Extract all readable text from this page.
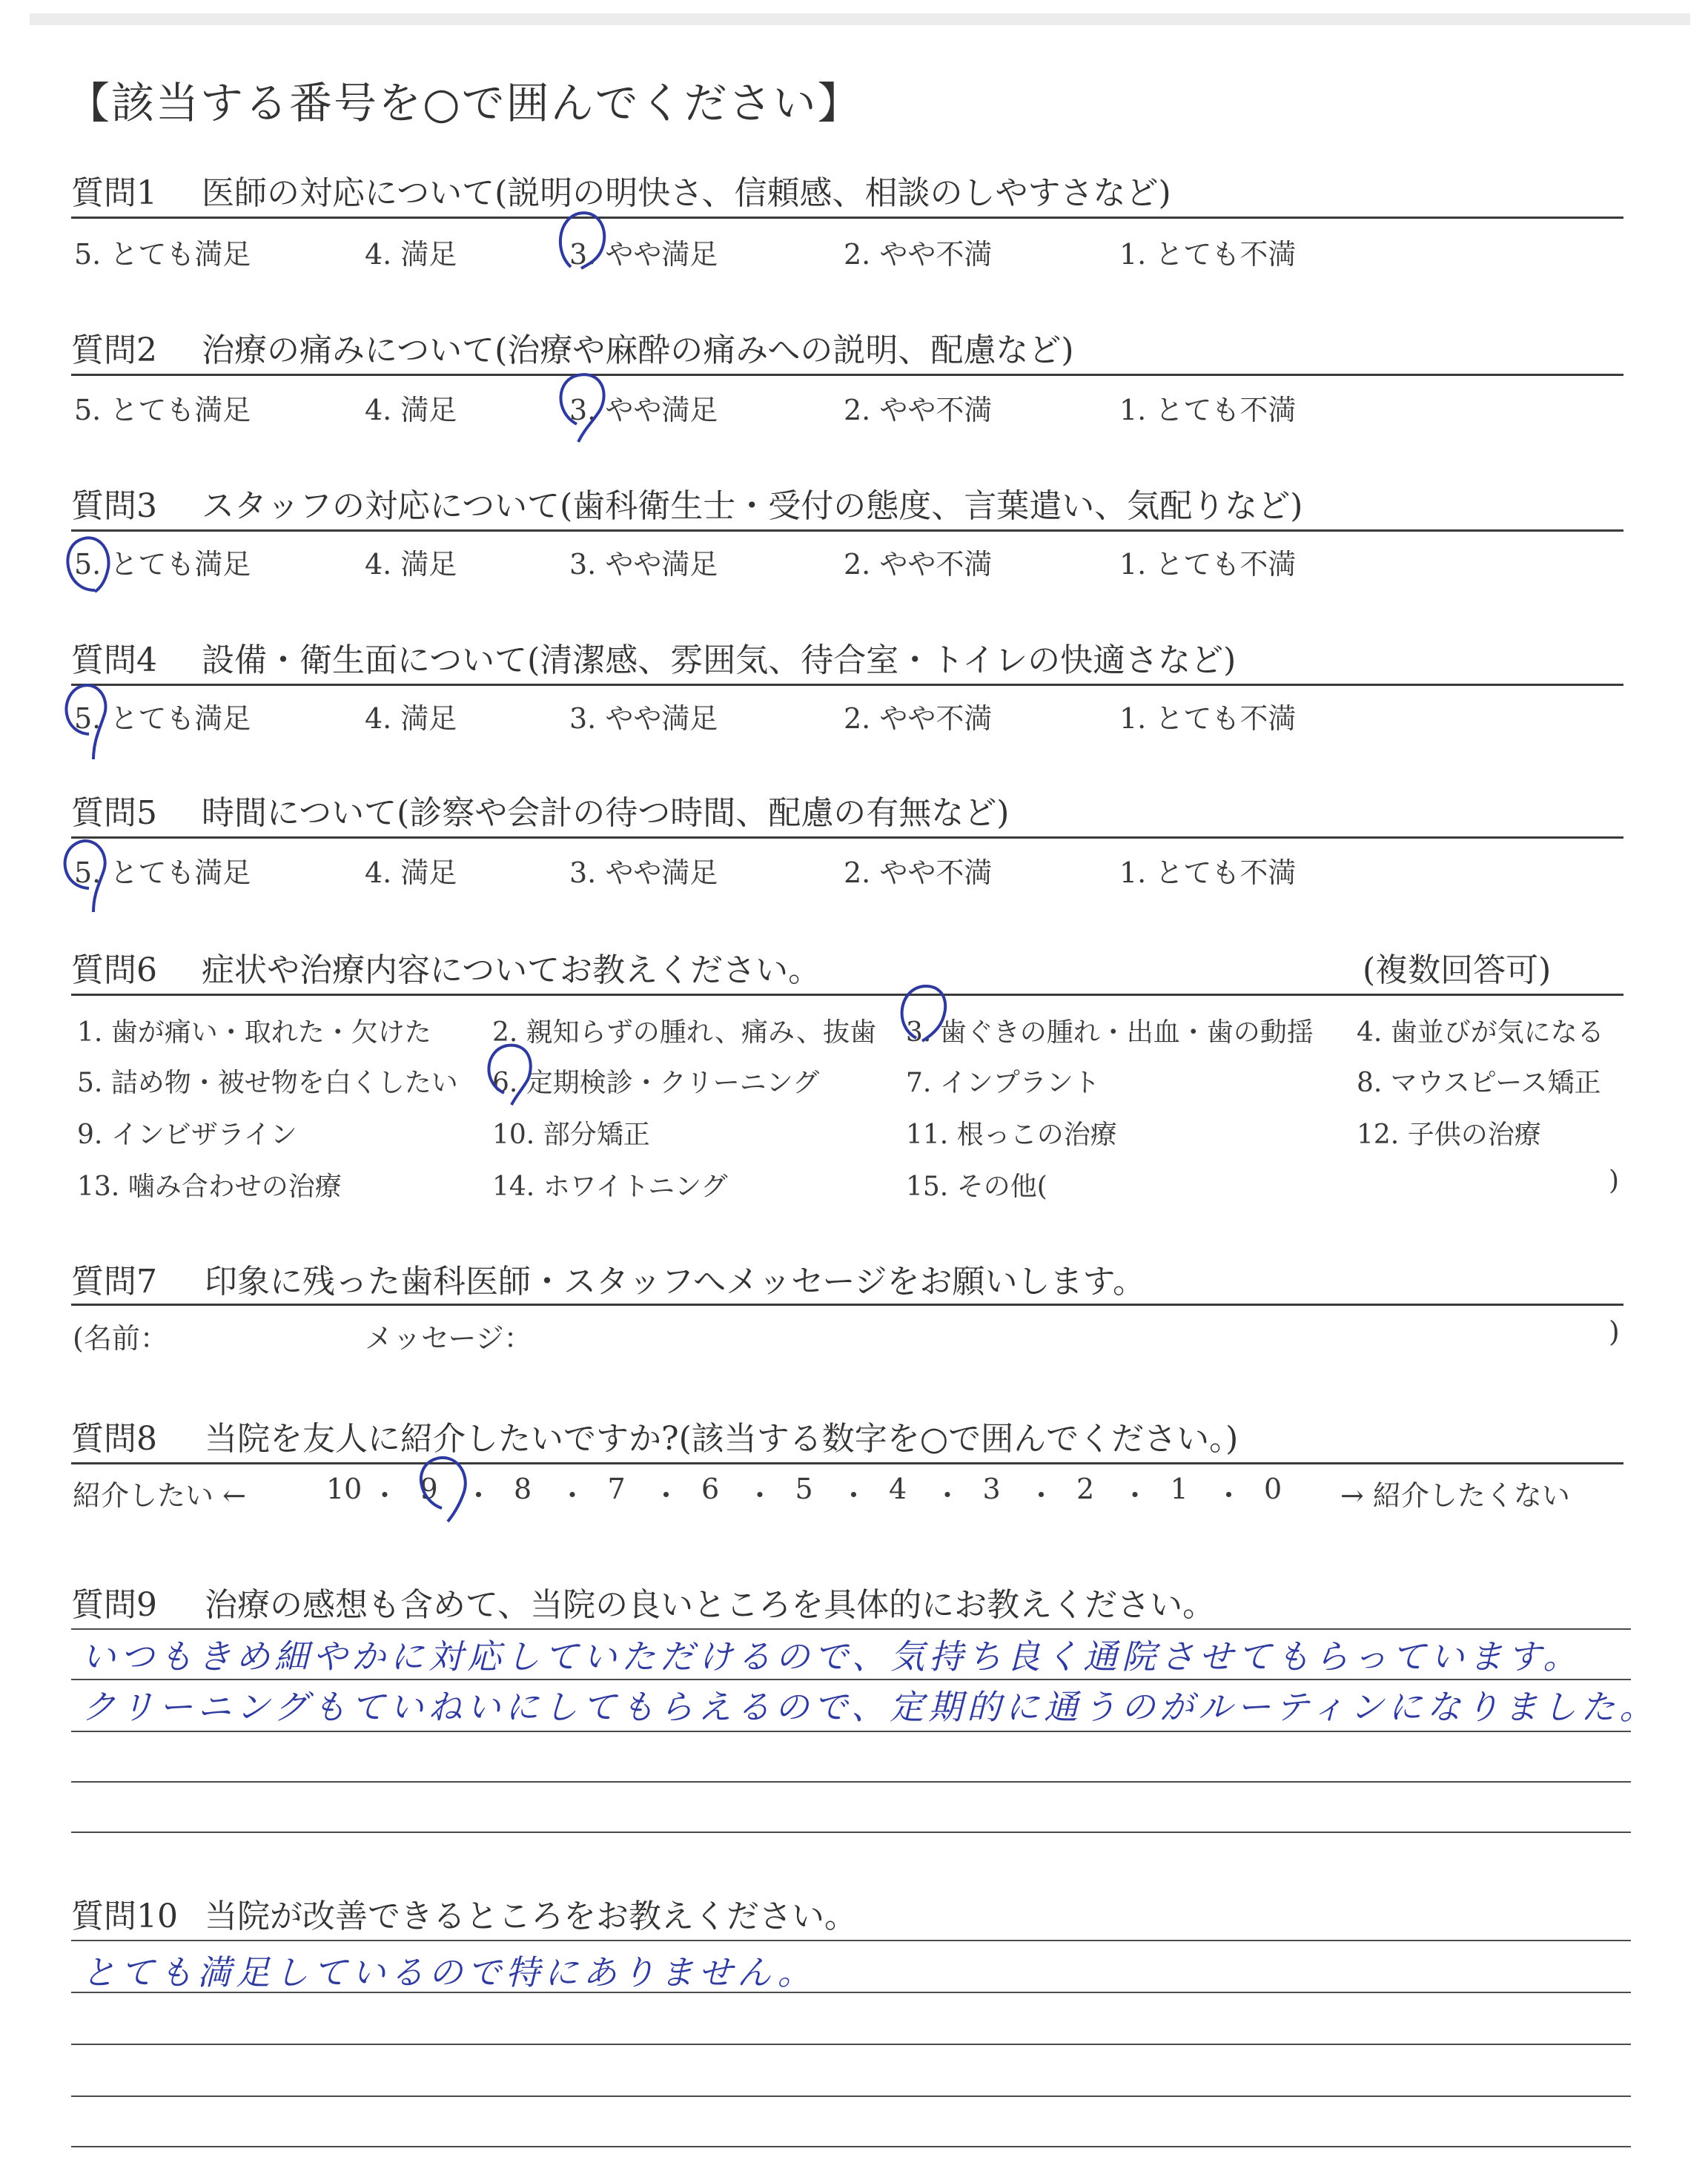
【該当する番号を○で囲んでください】
質問1 医師の対応について(説明の明快さ、信頼感、相談のしやすさなど)
5. とても満足	4. 満足	3. やや満足	2. やや不満	1. とても不満
質問2 治療の痛みについて(治療や麻酔の痛みへの説明、配慮など)
5. とても満足	4. 満足	3. やや満足	2. やや不満	1. とても不満
質問3 スタッフの対応について(歯科衛生士・受付の態度、言葉遣い、気配りなど)
5. とても満足	4. 満足	3. やや満足	2. やや不満	1. とても不満
質問4 設備・衛生面について(清潔感、雰囲気、待合室・トイレの快適さなど)
5. とても満足	4. 満足	3. やや満足	2. やや不満	1. とても不満
質問5 時間について(診察や会計の待つ時間、配慮の有無など)
5. とても満足	4. 満足	3. やや満足	2. やや不満	1. とても不満
質問6 症状や治療内容についてお教えください。	(複数回答可)
1. 歯が痛い・取れた・欠けた 2. 親知らずの腫れ、痛み、抜歯 3. 歯ぐきの腫れ・出血・歯の動揺 4. 歯並びが気になる
5. 詰め物・被せ物を白くしたい 6. 定期検診・クリーニング	7. インプラント	8. マウスピース矯正
9. インビザライン	10. 部分矯正	11. 根っこの治療	12. 子供の治療
13. 噛み合わせの治療	14. ホワイトニング	15. その他(	)
質問7 印象に残った歯科医師・スタッフへメッセージをお願いします。
(名前：	メッセージ：	)
質問8 当院を友人に紹介したいですか?(該当する数字を○で囲んでください。)
紹介したい ←	10 ・ 9 ・ 8 ・ 7 ・ 6 ・ 5 ・ 4 ・ 3 ・ 2 ・ 1 ・ 0 → 紹介したくない
質問9 治療の感想も含めて、当院の良いところを具体的にお教えください。
いつもきめ細やかに対応していただけるので、気持ち良く通院させてもらっています。
クリーニングもていねいにしてもらえるので、定期的に通うのがルーティンになりました。
質問10 当院が改善できるところをお教えください。
とても満足しているので特にありません。
